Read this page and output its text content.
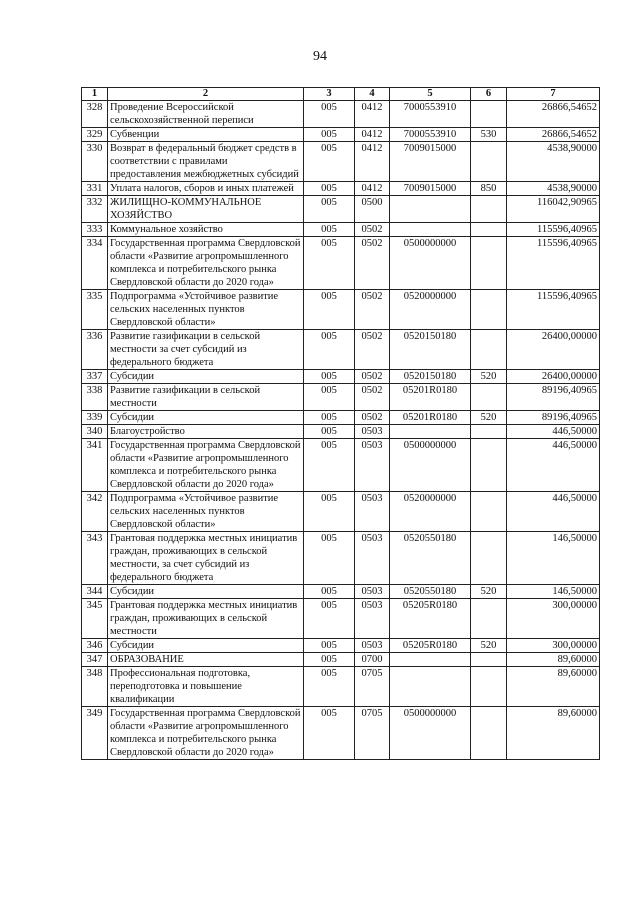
94
1	2	3	4	5	6	7
328	Проведение Всероссийской сельскохозяйственной переписи	005	0412	7000553910		26866,54652
329	Субвенции	005	0412	7000553910	530	26866,54652
330	Возврат в федеральный бюджет средств в соответствии с правилами предоставления межбюджетных субсидий	005	0412	7009015000		4538,90000
331	Уплата налогов, сборов и иных платежей	005	0412	7009015000	850	4538,90000
332	ЖИЛИЩНО-КОММУНАЛЬНОЕ ХОЗЯЙСТВО	005	0500			116042,90965
333	Коммунальное хозяйство	005	0502			115596,40965
334	Государственная программа Свердловской области «Развитие агропромышленного комплекса и потребительского рынка Свердловской области до 2020 года»	005	0502	0500000000		115596,40965
335	Подпрограмма «Устойчивое развитие сельских населенных пунктов Свердловской области»	005	0502	0520000000		115596,40965
336	Развитие газификации в сельской местности за счет субсидий из федерального бюджета	005	0502	0520150180		26400,00000
337	Субсидии	005	0502	0520150180	520	26400,00000
338	Развитие газификации в сельской местности	005	0502	05201R0180		89196,40965
339	Субсидии	005	0502	05201R0180	520	89196,40965
340	Благоустройство	005	0503			446,50000
341	Государственная программа Свердловской области «Развитие агропромышленного комплекса и потребительского рынка Свердловской области до 2020 года»	005	0503	0500000000		446,50000
342	Подпрограмма «Устойчивое развитие сельских населенных пунктов Свердловской области»	005	0503	0520000000		446,50000
343	Грантовая поддержка местных инициатив граждан, проживающих в сельской местности, за счет субсидий из федерального бюджета	005	0503	0520550180		146,50000
344	Субсидии	005	0503	0520550180	520	146,50000
345	Грантовая поддержка местных инициатив граждан, проживающих в сельской местности	005	0503	05205R0180		300,00000
346	Субсидии	005	0503	05205R0180	520	300,00000
347	ОБРАЗОВАНИЕ	005	0700			89,60000
348	Профессиональная подготовка, переподготовка и повышение квалификации	005	0705			89,60000
349	Государственная программа Свердловской области «Развитие агропромышленного комплекса и потребительского рынка Свердловской области до 2020 года»	005	0705	0500000000		89,60000
